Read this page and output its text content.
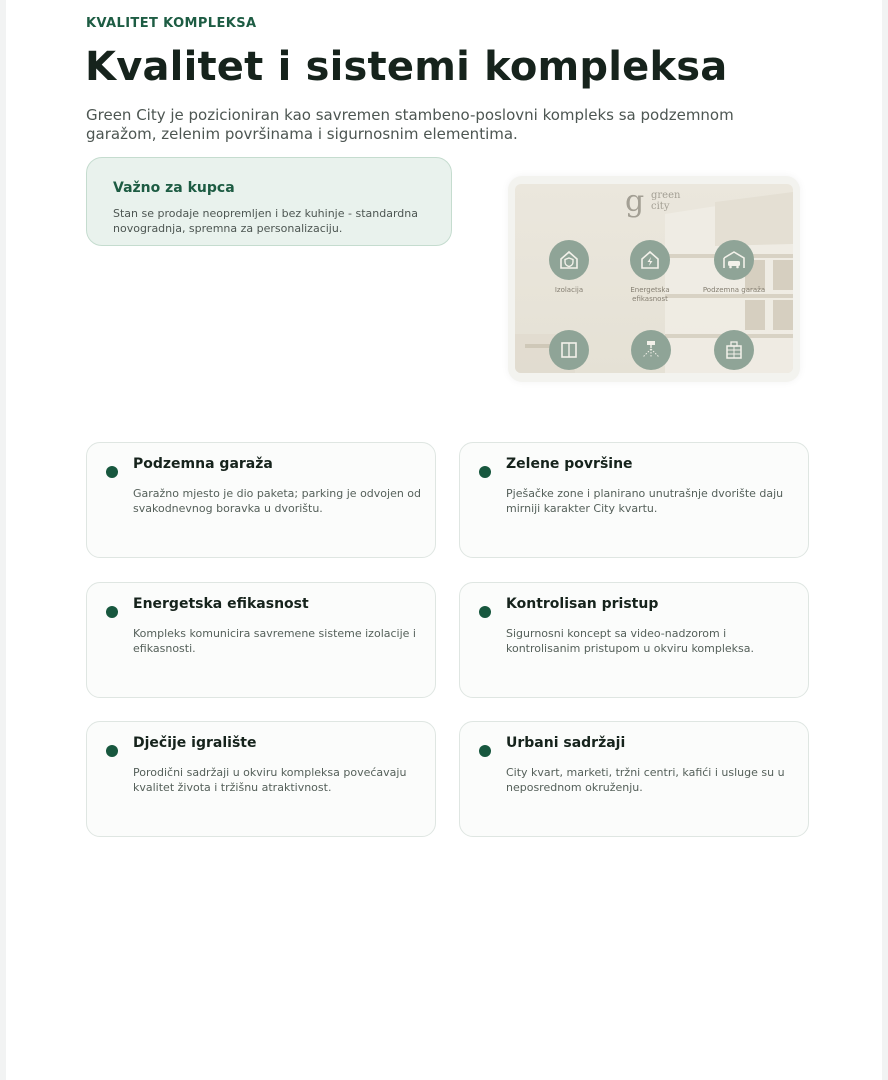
KVALITET KOMPLEKSA
Kvalitet i sistemi kompleksa

Green City je pozicioniran kao savremen stambeno-poslovni kompleks sa podzemnom garažom, zelenim površinama i sigurnosnim elementima.

Važno za kupca

Stan se prodaje neopremljen i bez kuhinje - standardna novogradnja, spremna za personalizaciju.

g green
city
Izolacija	Energetska efikasnost
Podzemna garaža

Podzemna garaža

Garažno mjesto je dio paketa; parking je odvojen od svakodnevnog boravka u dvorištu.

Zelene površine

Pješačke zone i planirano unutrašnje dvorište daju mirniji karakter City kvartu.

Energetska efikasnost

Kompleks komunicira savremene sisteme izolacije i efikasnosti.

Kontrolisan pristup

Sigurnosni koncept sa video-nadzorom i kontrolisanim pristupom u okviru kompleksa.

Dječije igralište

Porodični sadržaji u okviru kompleksa povećavaju kvalitet života i tržišnu atraktivnost.

Urbani sadržaji

City kvart, marketi, tržni centri, kafići i usluge su u neposrednom okruženju.
